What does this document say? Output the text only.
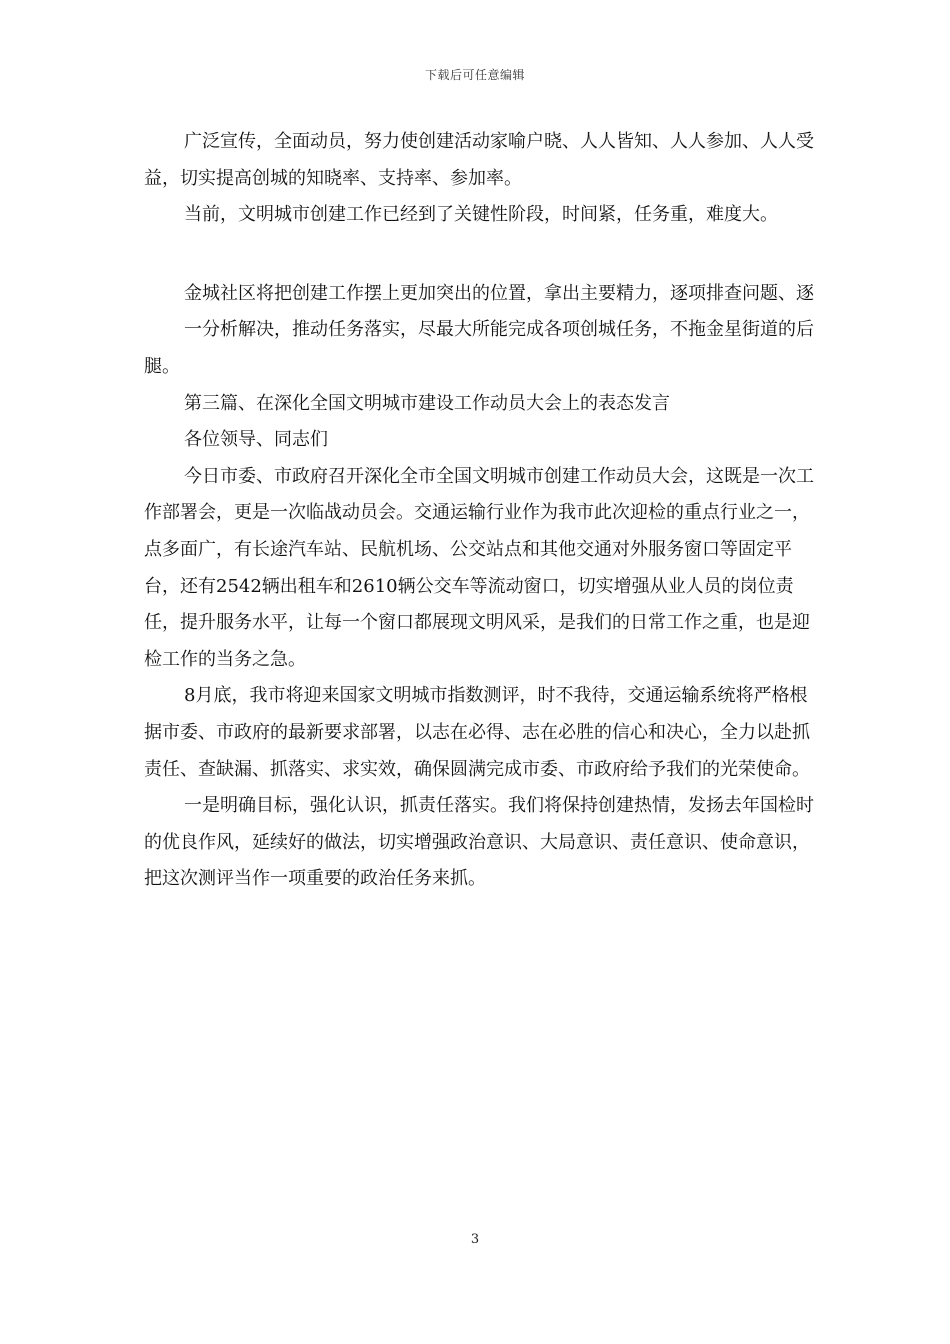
下载后可任意编辑

广泛宣传，全面动员，努力使创建活动家喻户晓、人人皆知、人人参加、人人受益，切实提高创城的知晓率、支持率、参加率。

当前，文明城市创建工作已经到了关键性阶段，时间紧，任务重，难度大。

金城社区将把创建工作摆上更加突出的位置，拿出主要精力，逐项排查问题、逐

一分析解决，推动任务落实，尽最大所能完成各项创城任务，不拖金星街道的后腿。

第三篇、在深化全国文明城市建设工作动员大会上的表态发言

各位领导、同志们

今日市委、市政府召开深化全市全国文明城市创建工作动员大会，这既是一次工作部署会，更是一次临战动员会。交通运输行业作为我市此次迎检的重点行业之一，点多面广，有长途汽车站、民航机场、公交站点和其他交通对外服务窗口等固定平台，还有2542辆出租车和2610辆公交车等流动窗口，切实增强从业人员的岗位责任，提升服务水平，让每一个窗口都展现文明风采，是我们的日常工作之重，也是迎检工作的当务之急。

8月底，我市将迎来国家文明城市指数测评，时不我待，交通运输系统将严格根据市委、市政府的最新要求部署，以志在必得、志在必胜的信心和决心，全力以赴抓责任、查缺漏、抓落实、求实效，确保圆满完成市委、市政府给予我们的光荣使命。

一是明确目标，强化认识，抓责任落实。我们将保持创建热情，发扬去年国检时的优良作风，延续好的做法，切实增强政治意识、大局意识、责任意识、使命意识，把这次测评当作一项重要的政治任务来抓。

3
